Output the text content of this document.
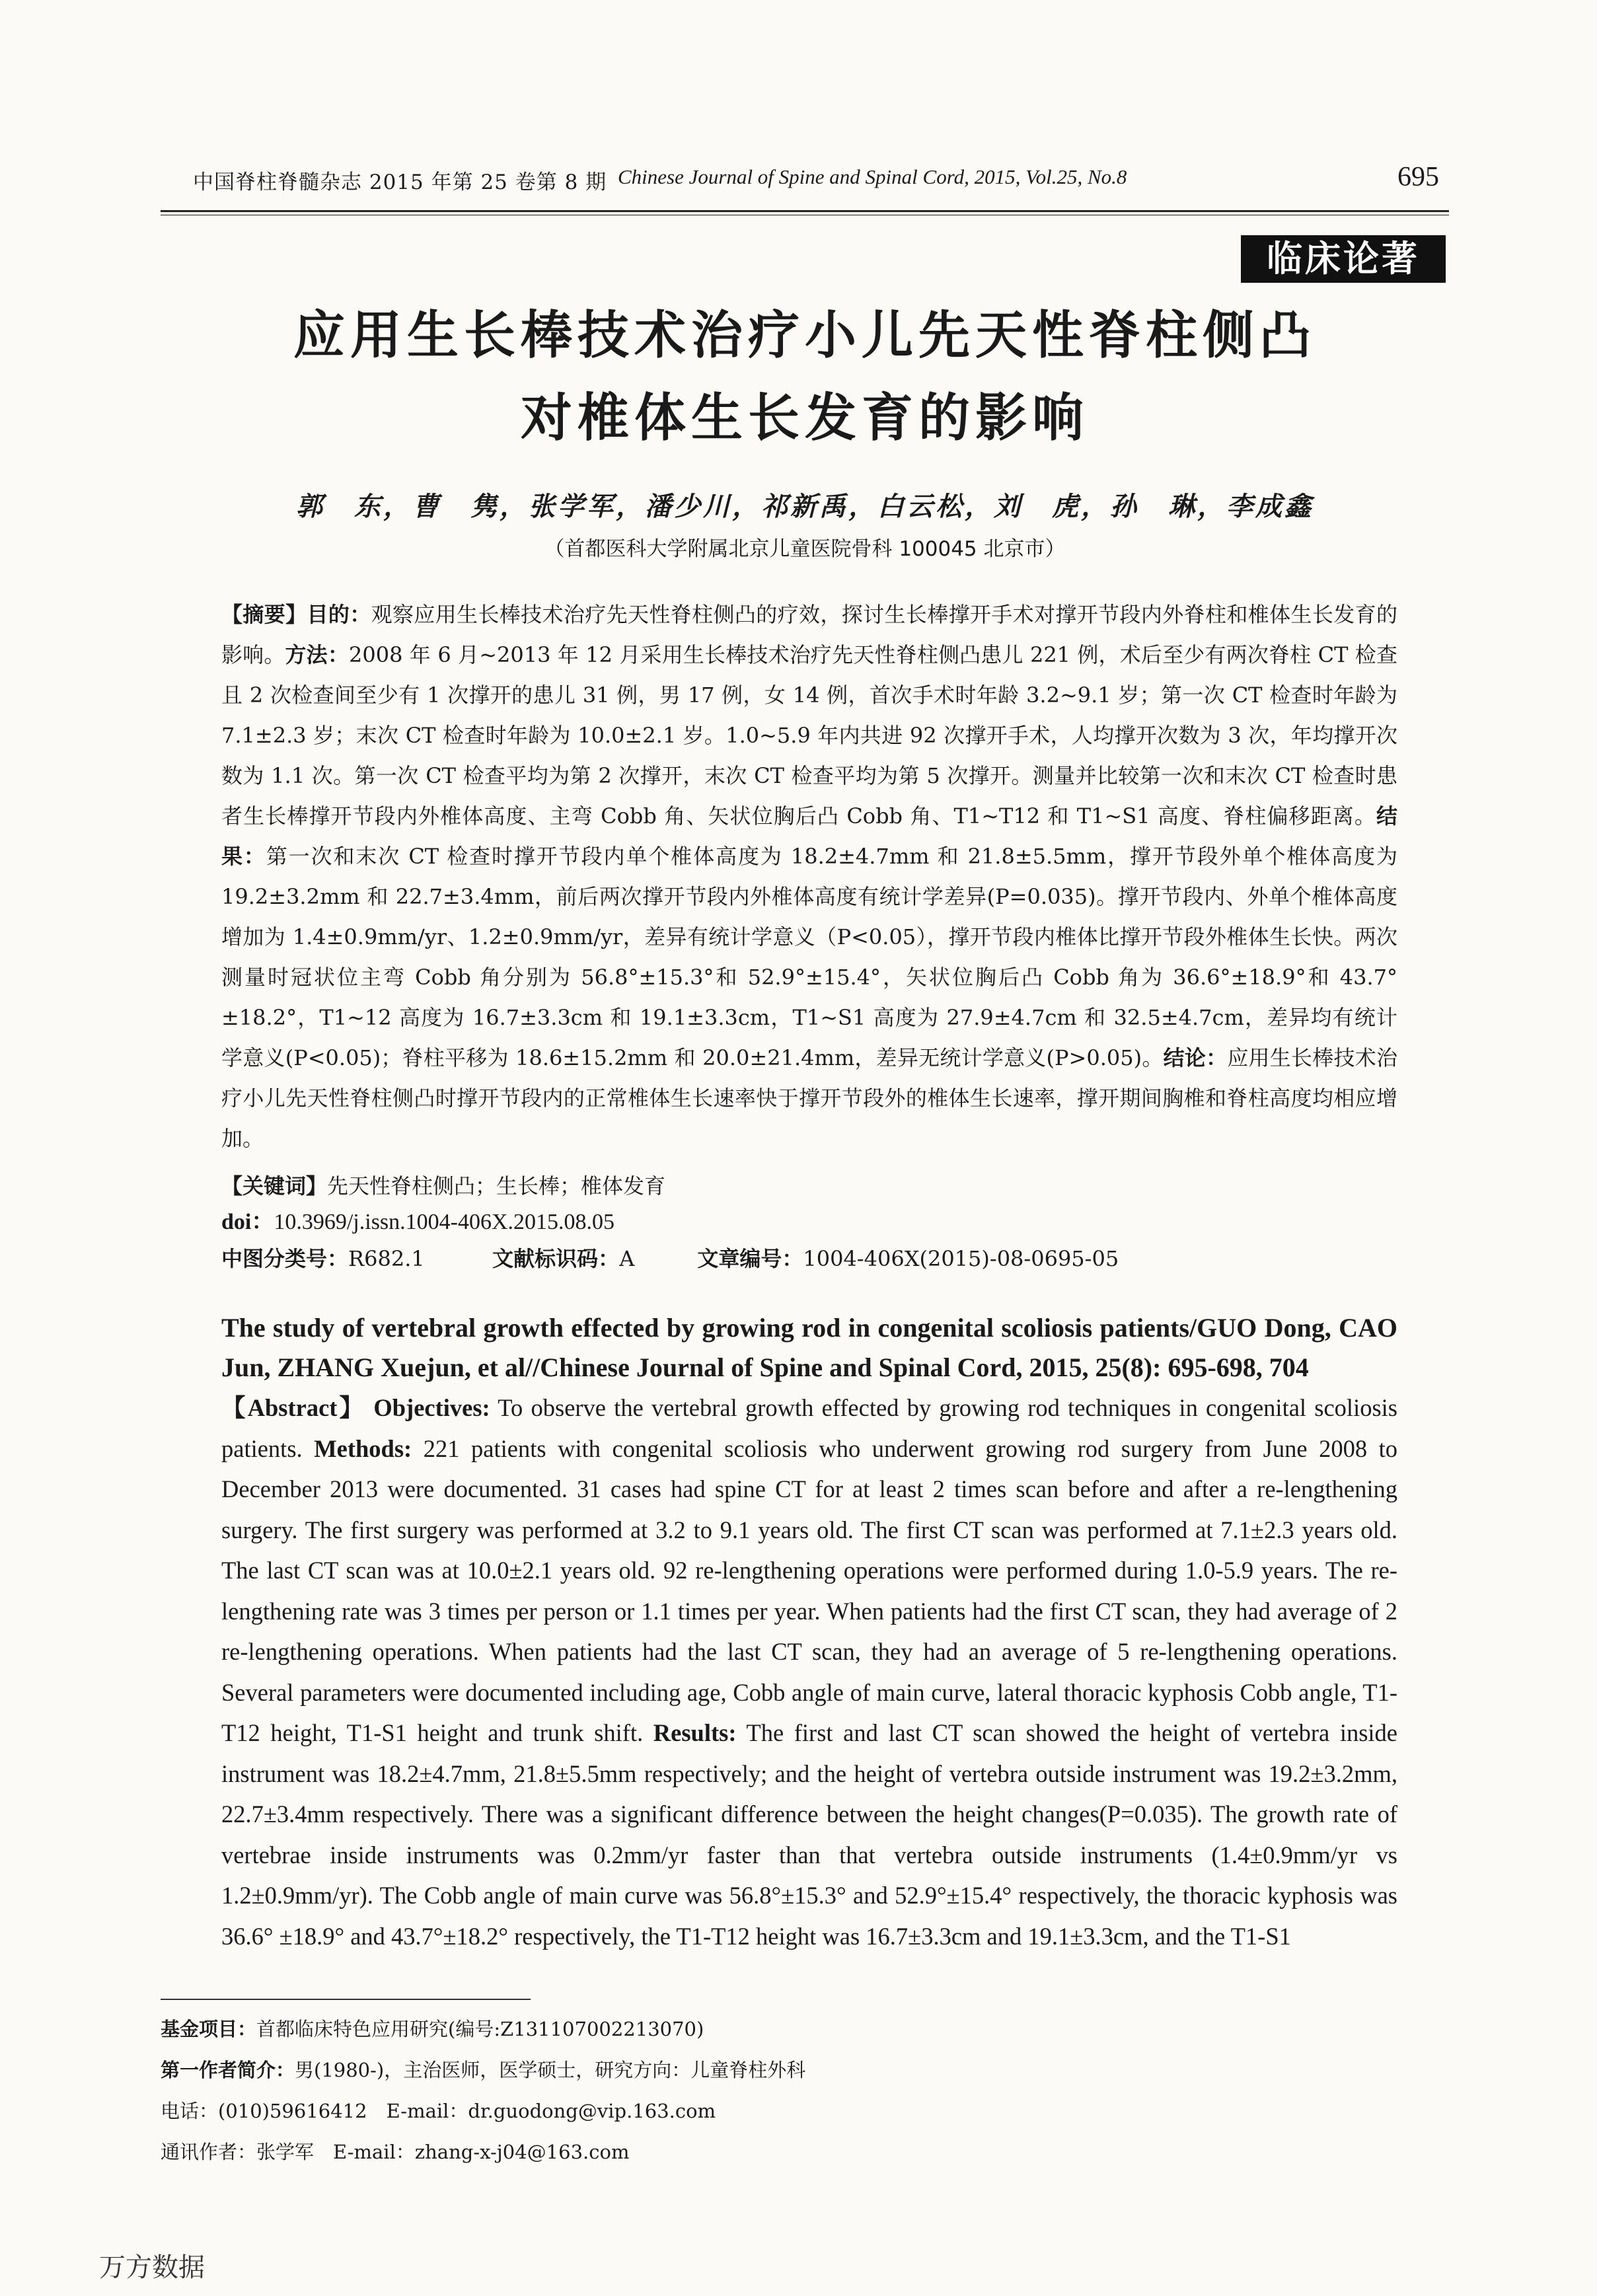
中国脊柱脊髓杂志 2015 年第 25 卷第 8 期 Chinese Journal of Spine and Spinal Cord, 2015, Vol.25, No.8	695
临床论著
应用生长棒技术治疗小儿先天性脊柱侧凸
对椎体生长发育的影响
郭　东，曹　隽，张学军，潘少川，祁新禹，白云松，刘　虎，孙　琳，李成鑫
（首都医科大学附属北京儿童医院骨科 100045 北京市）
【摘要】目的：观察应用生长棒技术治疗先天性脊柱侧凸的疗效，探讨生长棒撑开手术对撑开节段内外脊柱和椎体生长发育的影响。方法：2008 年 6 月~2013 年 12 月采用生长棒技术治疗先天性脊柱侧凸患儿 221 例，术后至少有两次脊柱 CT 检查且 2 次检查间至少有 1 次撑开的患儿 31 例，男 17 例，女 14 例，首次手术时年龄 3.2~9.1 岁；第一次 CT 检查时年龄为 7.1±2.3 岁；末次 CT 检查时年龄为 10.0±2.1 岁。1.0~5.9 年内共进 92 次撑开手术，人均撑开次数为 3 次，年均撑开次数为 1.1 次。第一次 CT 检查平均为第 2 次撑开，末次 CT 检查平均为第 5 次撑开。测量并比较第一次和末次 CT 检查时患者生长棒撑开节段内外椎体高度、主弯 Cobb 角、矢状位胸后凸 Cobb 角、T1~T12 和 T1~S1 高度、脊柱偏移距离。结果：第一次和末次 CT 检查时撑开节段内单个椎体高度为 18.2±4.7mm 和 21.8±5.5mm，撑开节段外单个椎体高度为 19.2±3.2mm 和 22.7±3.4mm，前后两次撑开节段内外椎体高度有统计学差异(P=0.035)。撑开节段内、外单个椎体高度增加为 1.4±0.9mm/yr、1.2±0.9mm/yr，差异有统计学意义（P<0.05），撑开节段内椎体比撑开节段外椎体生长快。两次测量时冠状位主弯 Cobb 角分别为 56.8°±15.3°和 52.9°±15.4°，矢状位胸后凸 Cobb 角为 36.6°±18.9°和 43.7°±18.2°，T1~12 高度为 16.7±3.3cm 和 19.1±3.3cm，T1~S1 高度为 27.9±4.7cm 和 32.5±4.7cm，差异均有统计学意义(P<0.05)；脊柱平移为 18.6±15.2mm 和 20.0±21.4mm，差异无统计学意义(P>0.05)。结论：应用生长棒技术治疗小儿先天性脊柱侧凸时撑开节段内的正常椎体生长速率快于撑开节段外的椎体生长速率，撑开期间胸椎和脊柱高度均相应增加。
【关键词】先天性脊柱侧凸；生长棒；椎体发育
doi：10.3969/j.issn.1004-406X.2015.08.05
中图分类号：R682.1	文献标识码：A	文章编号：1004-406X(2015)-08-0695-05
The study of vertebral growth effected by growing rod in congenital scoliosis patients/GUO Dong, CAO Jun, ZHANG Xuejun, et al//Chinese Journal of Spine and Spinal Cord, 2015, 25(8): 695-698, 704
【Abstract】 Objectives: To observe the vertebral growth effected by growing rod techniques in congenital scoliosis patients. Methods: 221 patients with congenital scoliosis who underwent growing rod surgery from June 2008 to December 2013 were documented. 31 cases had spine CT for at least 2 times scan before and after a re-lengthening surgery. The first surgery was performed at 3.2 to 9.1 years old. The first CT scan was performed at 7.1±2.3 years old. The last CT scan was at 10.0±2.1 years old. 92 re-lengthening operations were performed during 1.0-5.9 years. The re-lengthening rate was 3 times per person or 1.1 times per year. When patients had the first CT scan, they had average of 2 re-lengthening operations. When patients had the last CT scan, they had an average of 5 re-lengthening operations. Several parameters were documented including age, Cobb angle of main curve, lateral thoracic kyphosis Cobb angle, T1-T12 height, T1-S1 height and trunk shift. Results: The first and last CT scan showed the height of vertebra inside instrument was 18.2±4.7mm, 21.8±5.5mm respectively; and the height of vertebra outside instrument was 19.2±3.2mm, 22.7±3.4mm respectively. There was a significant difference between the height changes(P=0.035). The growth rate of vertebrae inside instruments was 0.2mm/yr faster than that vertebra outside instruments (1.4±0.9mm/yr vs 1.2±0.9mm/yr). The Cobb angle of main curve was 56.8°±15.3° and 52.9°±15.4° respectively, the thoracic kyphosis was 36.6° ±18.9° and 43.7°±18.2° respectively, the T1-T12 height was 16.7±3.3cm and 19.1±3.3cm, and the T1-S1
基金项目：首都临床特色应用研究(编号:Z131107002213070)
第一作者简介：男(1980-)，主治医师，医学硕士，研究方向：儿童脊柱外科
电话：(010)59616412　E-mail：dr.guodong@vip.163.com
通讯作者：张学军　E-mail：zhang-x-j04@163.com
万方数据
